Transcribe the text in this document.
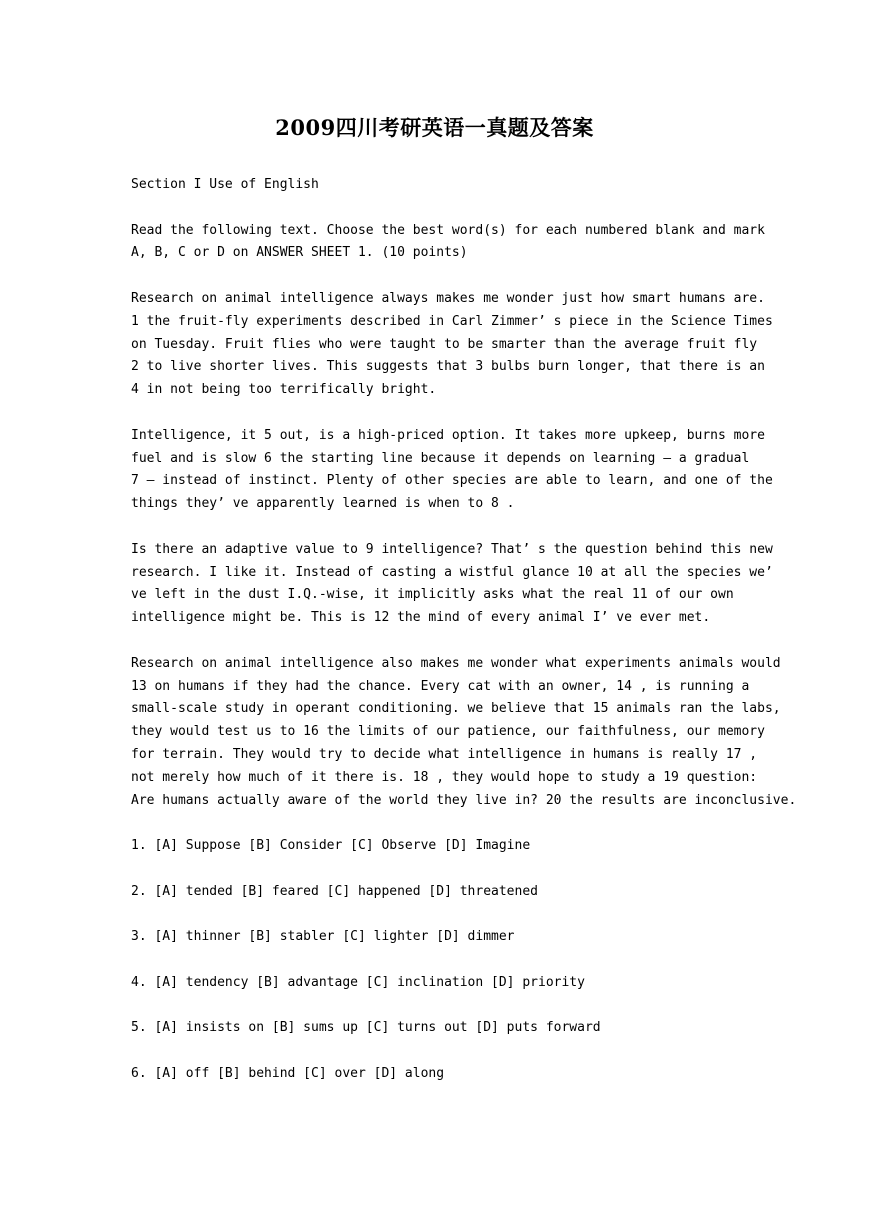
2009四川考研英语一真题及答案
Section I Use of English
Read the following text. Choose the best word(s) for each numbered blank and mark
A, B, C or D on ANSWER SHEET 1. (10 points)
Research on animal intelligence always makes me wonder just how smart humans are.
1 the fruit-fly experiments described in Carl Zimmer’ s piece in the Science Times
on Tuesday. Fruit flies who were taught to be smarter than the average fruit fly
2 to live shorter lives. This suggests that 3 bulbs burn longer, that there is an
4 in not being too terrifically bright.
Intelligence, it 5 out, is a high-priced option. It takes more upkeep, burns more
fuel and is slow 6 the starting line because it depends on learning — a gradual
7 — instead of instinct. Plenty of other species are able to learn, and one of the
things they’ ve apparently learned is when to 8 .
Is there an adaptive value to 9 intelligence? That’ s the question behind this new
research. I like it. Instead of casting a wistful glance 10 at all the species we’
ve left in the dust I.Q.-wise, it implicitly asks what the real 11 of our own
intelligence might be. This is 12 the mind of every animal I’ ve ever met.
Research on animal intelligence also makes me wonder what experiments animals would
13 on humans if they had the chance. Every cat with an owner, 14 , is running a
small-scale study in operant conditioning. we believe that 15 animals ran the labs,
they would test us to 16 the limits of our patience, our faithfulness, our memory
for terrain. They would try to decide what intelligence in humans is really 17 ,
not merely how much of it there is. 18 , they would hope to study a 19 question:
Are humans actually aware of the world they live in? 20 the results are inconclusive.
1. [A] Suppose [B] Consider [C] Observe [D] Imagine
2. [A] tended [B] feared [C] happened [D] threatened
3. [A] thinner [B] stabler [C] lighter [D] dimmer
4. [A] tendency [B] advantage [C] inclination [D] priority
5. [A] insists on [B] sums up [C] turns out [D] puts forward
6. [A] off [B] behind [C] over [D] along
